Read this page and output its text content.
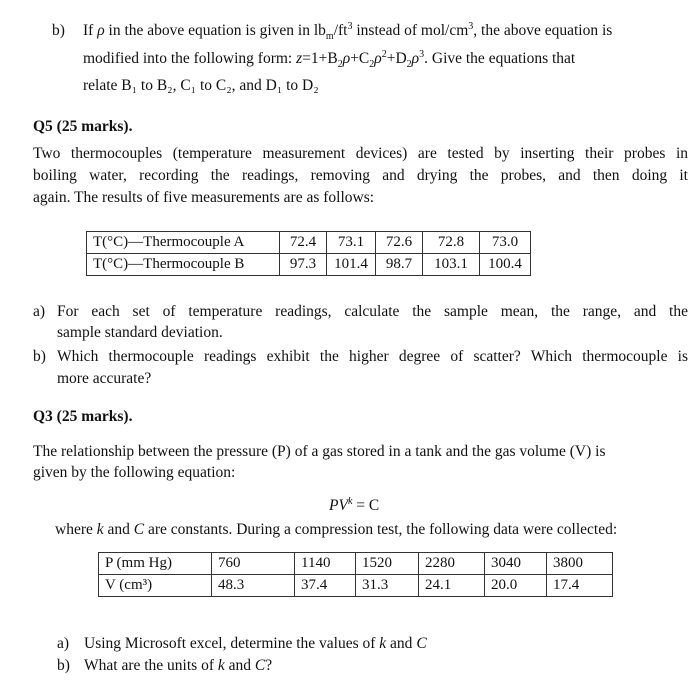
b) If ρ in the above equation is given in $lb_m/ft^3$ instead of mol/$cm^3$, the above equation is
modified into the following form: $z=1+B_2\rho+C_2\rho^2+D_2\rho^3$. Give the equations that
relate B₁ to B₂, C₁ to C₂, and D₁ to D₂
Q5 (25 marks).
Two thermocouples (temperature measurement devices) are tested by inserting their probes in
boiling water, recording the readings, removing and drying the probes, and then doing it
again. The results of five measurements are as follows:
T(°C)—Thermocouple A	72.4	73.1	72.6	72.8	73.0
T(°C)—Thermocouple B	97.3	101.4	98.7	103.1	100.4
a) For each set of temperature readings, calculate the sample mean, the range, and the
sample standard deviation.
b) Which thermocouple readings exhibit the higher degree of scatter? Which thermocouple is
more accurate?
Q3 (25 marks).
The relationship between the pressure (P) of a gas stored in a tank and the gas volume (V) is
given by the following equation:
$PV^k = C$
where k and C are constants. During a compression test, the following data were collected:
P (mm Hg)	760	1140	1520	2280	3040	3800
V (cm³)	48.3	37.4	31.3	24.1	20.0	17.4
a) Using Microsoft excel, determine the values of k and C
b) What are the units of k and C?
